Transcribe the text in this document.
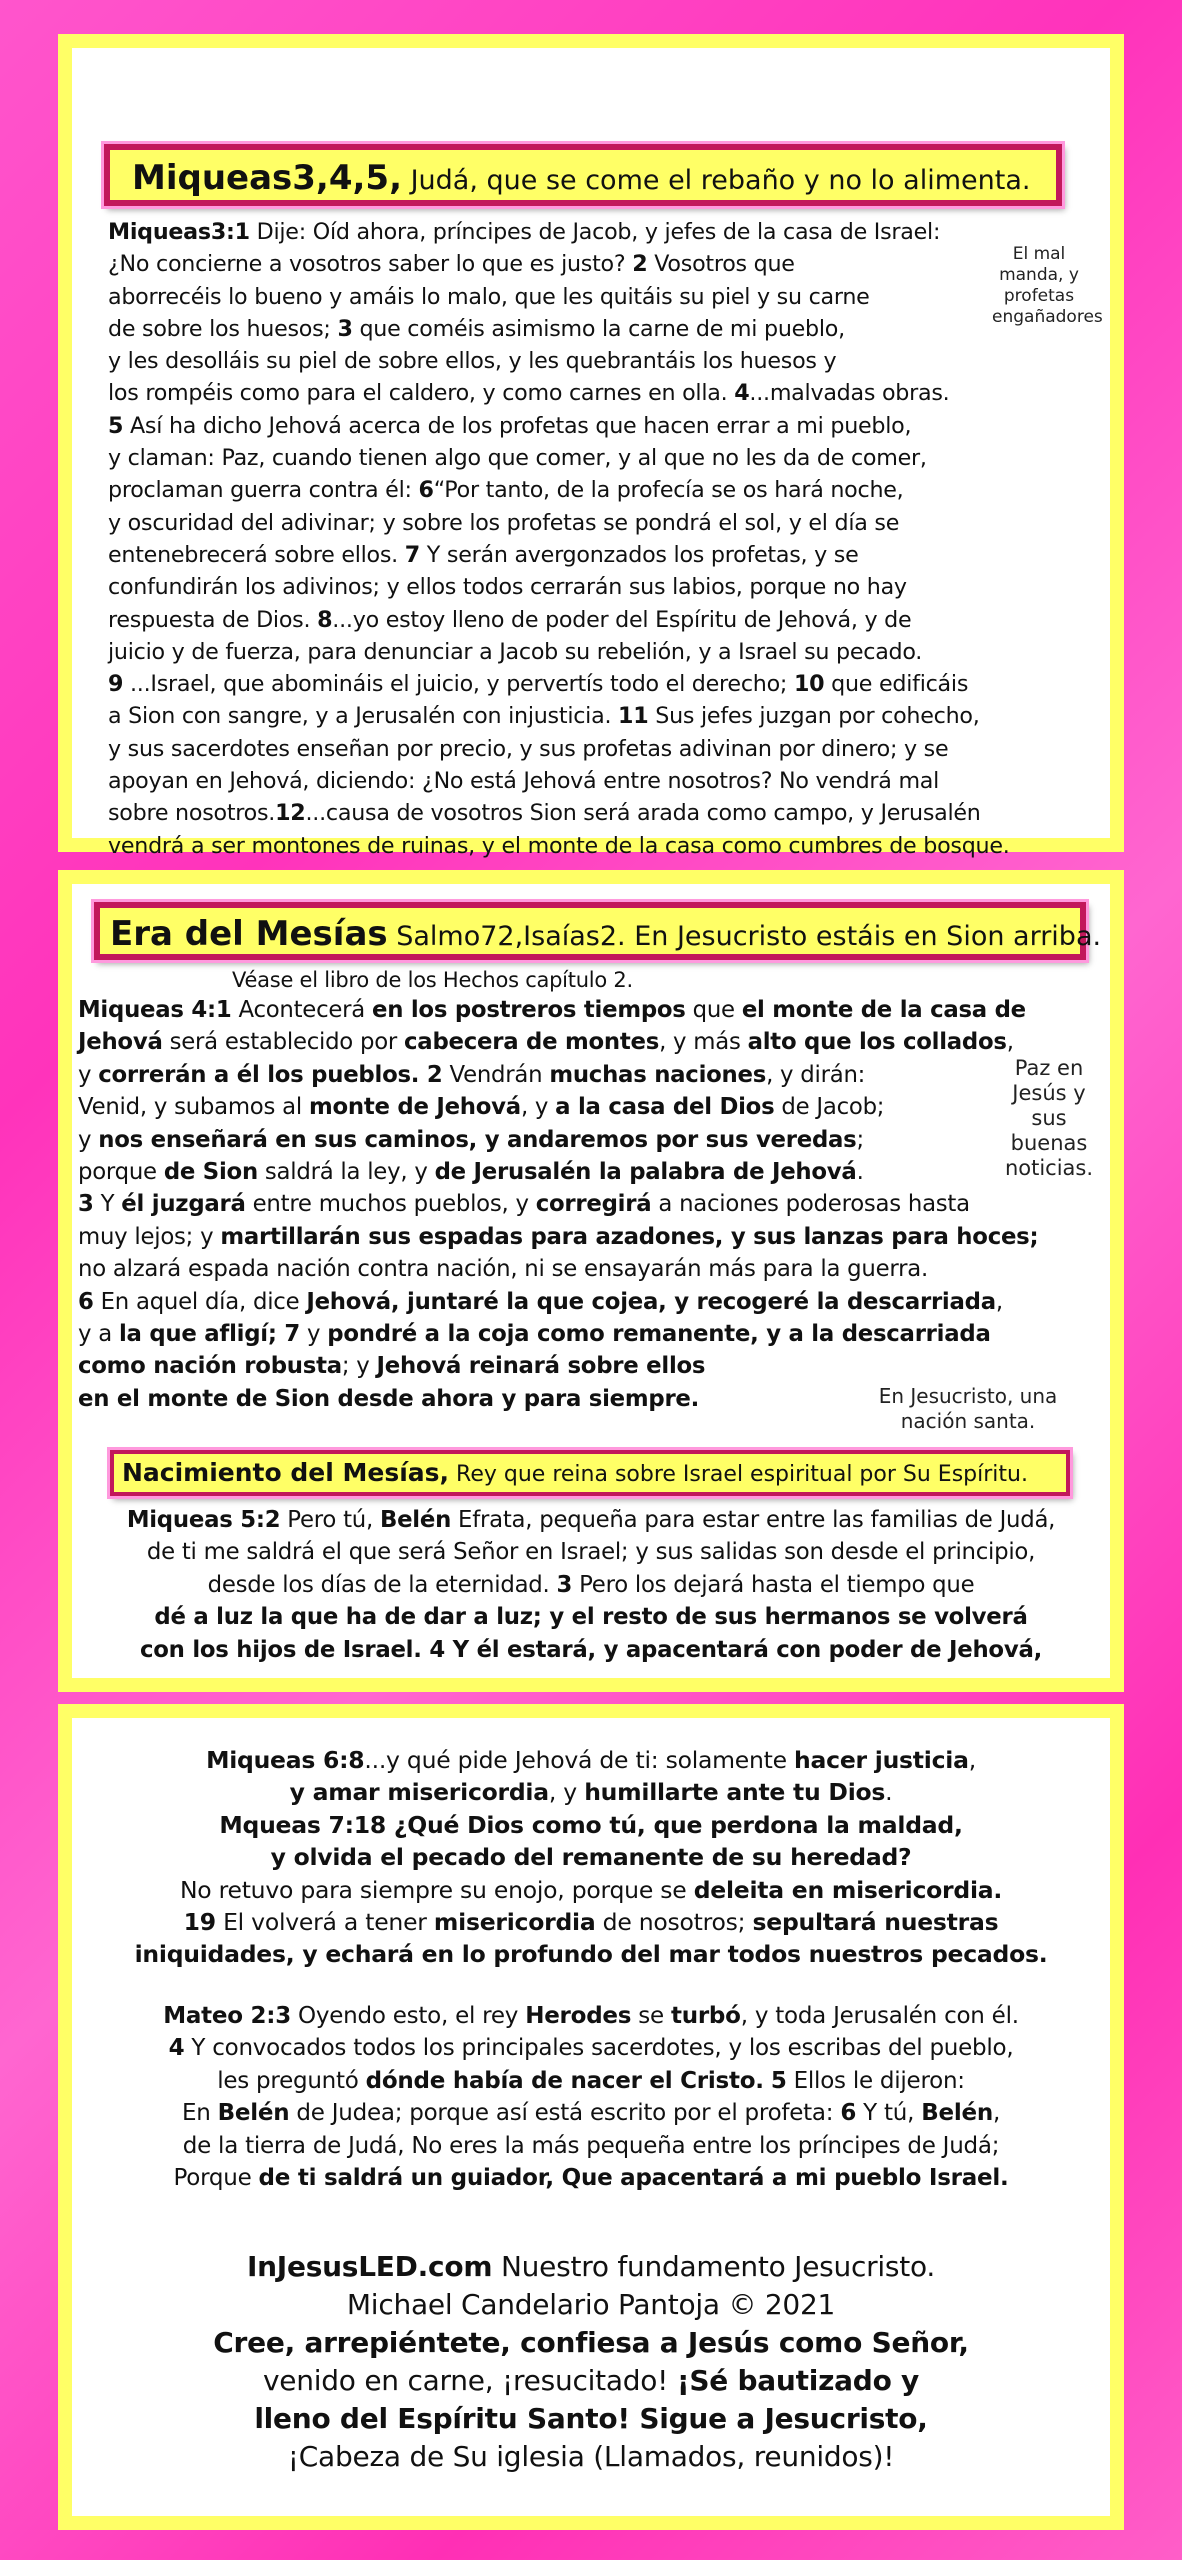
Miqueas3,4,5, Judá, que se come el rebaño y no lo alimenta.
El mal manda, y profetas engañadores
Miqueas3:1 Dije: Oíd ahora, príncipes de Jacob, y jefes de la casa de Israel:
¿No concierne a vosotros saber lo que es justo? 2 Vosotros que
aborrecéis lo bueno y amáis lo malo, que les quitáis su piel y su carne
de sobre los huesos; 3 que coméis asimismo la carne de mi pueblo,
y les desolláis su piel de sobre ellos, y les quebrantáis los huesos y
los rompéis como para el caldero, y como carnes en olla. 4...malvadas obras.
5 Así ha dicho Jehová acerca de los profetas que hacen errar a mi pueblo,
y claman: Paz, cuando tienen algo que comer, y al que no les da de comer,
proclaman guerra contra él: 6“Por tanto, de la profecía se os hará noche,
y oscuridad del adivinar; y sobre los profetas se pondrá el sol, y el día se
entenebrecerá sobre ellos. 7 Y serán avergonzados los profetas, y se
confundirán los adivinos; y ellos todos cerrarán sus labios, porque no hay
respuesta de Dios. 8...yo estoy lleno de poder del Espíritu de Jehová, y de
juicio y de fuerza, para denunciar a Jacob su rebelión, y a Israel su pecado.
9 ...Israel, que abomináis el juicio, y pervertís todo el derecho; 10 que edificáis
a Sion con sangre, y a Jerusalén con injusticia. 11 Sus jefes juzgan por cohecho,
y sus sacerdotes enseñan por precio, y sus profetas adivinan por dinero; y se
apoyan en Jehová, diciendo: ¿No está Jehová entre nosotros? No vendrá mal
sobre nosotros.12...causa de vosotros Sion será arada como campo, y Jerusalén
vendrá a ser montones de ruinas, y el monte de la casa como cumbres de bosque.
Era del Mesías Salmo72,Isaías2. En Jesucristo estáis en Sion arriba.
Véase el libro de los Hechos capítulo 2.
Paz en Jesús y sus buenas noticias.
Miqueas 4:1 Acontecerá en los postreros tiempos que el monte de la casa de
Jehová será establecido por cabecera de montes, y más alto que los collados,
y correrán a él los pueblos. 2 Vendrán muchas naciones, y dirán:
Venid, y subamos al monte de Jehová, y a la casa del Dios de Jacob;
y nos enseñará en sus caminos, y andaremos por sus veredas;
porque de Sion saldrá la ley, y de Jerusalén la palabra de Jehová.
3 Y él juzgará entre muchos pueblos, y corregirá a naciones poderosas hasta
muy lejos; y martillarán sus espadas para azadones, y sus lanzas para hoces;
no alzará espada nación contra nación, ni se ensayarán más para la guerra.
6 En aquel día, dice Jehová, juntaré la que cojea, y recogeré la descarriada,
y a la que afligí; 7 y pondré a la coja como remanente, y a la descarriada
como nación robusta; y Jehová reinará sobre ellos
en el monte de Sion desde ahora y para siempre.	En Jesucristo, una nación santa.
Nacimiento del Mesías, Rey que reina sobre Israel espiritual por Su Espíritu.
Miqueas 5:2 Pero tú, Belén Efrata, pequeña para estar entre las familias de Judá,
de ti me saldrá el que será Señor en Israel; y sus salidas son desde el principio,
desde los días de la eternidad. 3 Pero los dejará hasta el tiempo que
dé a luz la que ha de dar a luz; y el resto de sus hermanos se volverá
con los hijos de Israel. 4 Y él estará, y apacentará con poder de Jehová,
Miqueas 6:8...y qué pide Jehová de ti: solamente hacer justicia,
y amar misericordia, y humillarte ante tu Dios.
Mqueas 7:18 ¿Qué Dios como tú, que perdona la maldad,
y olvida el pecado del remanente de su heredad?
No retuvo para siempre su enojo, porque se deleita en misericordia.
19 El volverá a tener misericordia de nosotros; sepultará nuestras
iniquidades, y echará en lo profundo del mar todos nuestros pecados.
Mateo 2:3 Oyendo esto, el rey Herodes se turbó, y toda Jerusalén con él.
4 Y convocados todos los principales sacerdotes, y los escribas del pueblo,
les preguntó dónde había de nacer el Cristo. 5 Ellos le dijeron:
En Belén de Judea; porque así está escrito por el profeta: 6 Y tú, Belén,
de la tierra de Judá, No eres la más pequeña entre los príncipes de Judá;
Porque de ti saldrá un guiador, Que apacentará a mi pueblo Israel.
InJesusLED.com Nuestro fundamento Jesucristo.
Michael Candelario Pantoja © 2021
Cree, arrepiéntete, confiesa a Jesús como Señor,
venido en carne, ¡resucitado! ¡Sé bautizado y
lleno del Espíritu Santo! Sigue a Jesucristo,
¡Cabeza de Su iglesia (Llamados, reunidos)!
